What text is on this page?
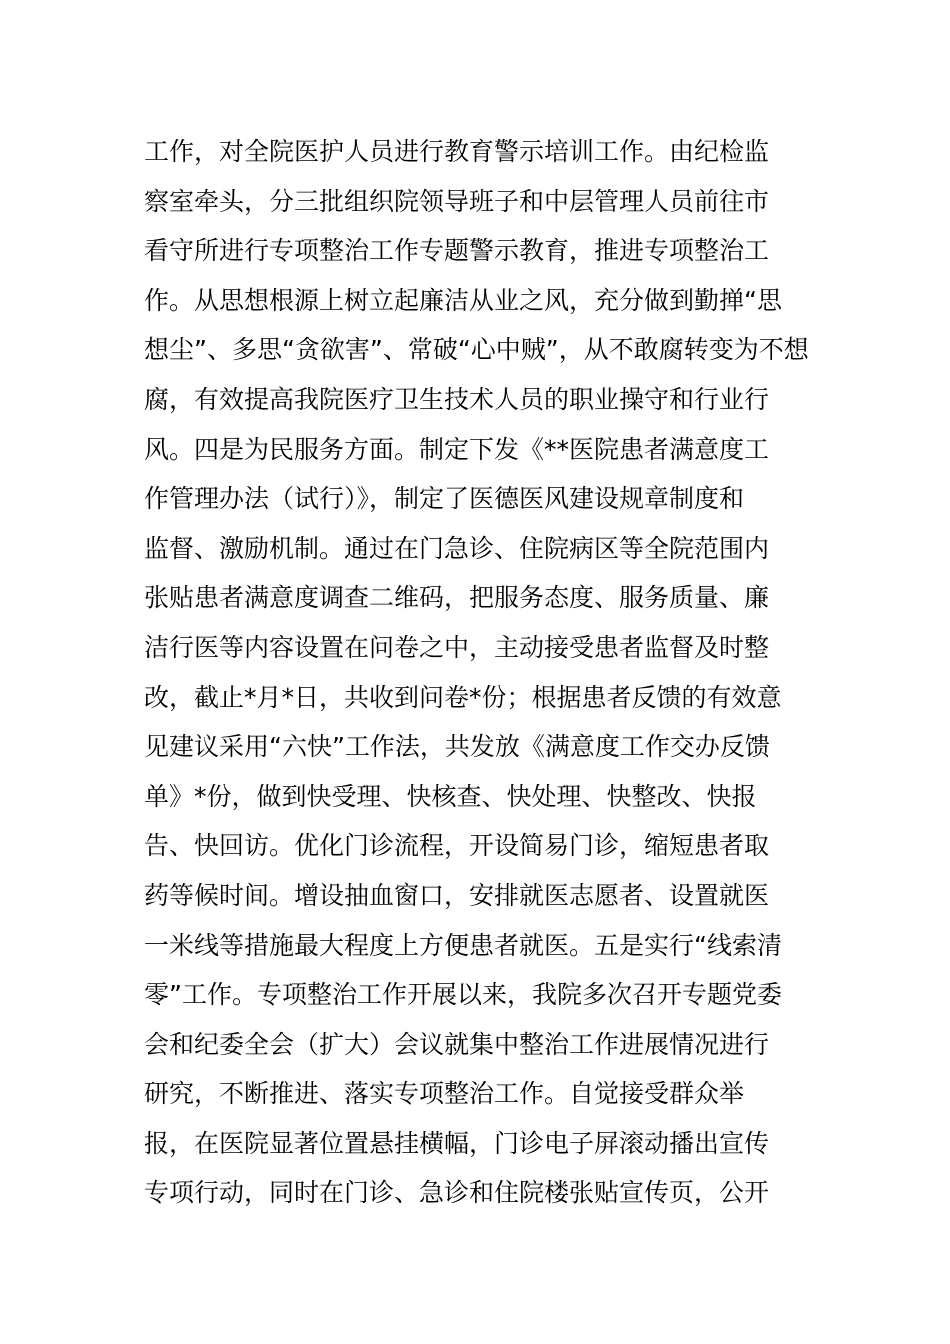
工作，对全院医护人员进行教育警示培训工作。由纪检监
察室牵头，分三批组织院领导班子和中层管理人员前往市
看守所进行专项整治工作专题警示教育，推进专项整治工
作。从思想根源上树立起廉洁从业之风，充分做到勤掸“思
想尘”、多思“贪欲害”、常破“心中贼”，从不敢腐转变为不想
腐，有效提高我院医疗卫生技术人员的职业操守和行业行
风。四是为民服务方面。制定下发《**医院患者满意度工
作管理办法（试行）》，制定了医德医风建设规章制度和
监督、激励机制。通过在门急诊、住院病区等全院范围内
张贴患者满意度调查二维码，把服务态度、服务质量、廉
洁行医等内容设置在问卷之中，主动接受患者监督及时整
改，截止*月*日，共收到问卷*份；根据患者反馈的有效意
见建议采用“六快”工作法，共发放《满意度工作交办反馈
单》*份，做到快受理、快核查、快处理、快整改、快报
告、快回访。优化门诊流程，开设简易门诊，缩短患者取
药等候时间。增设抽血窗口，安排就医志愿者、设置就医
一米线等措施最大程度上方便患者就医。五是实行“线索清
零”工作。专项整治工作开展以来，我院多次召开专题党委
会和纪委全会（扩大）会议就集中整治工作进展情况进行
研究，不断推进、落实专项整治工作。自觉接受群众举
报，在医院显著位置悬挂横幅，门诊电子屏滚动播出宣传
专项行动，同时在门诊、急诊和住院楼张贴宣传页，公开
